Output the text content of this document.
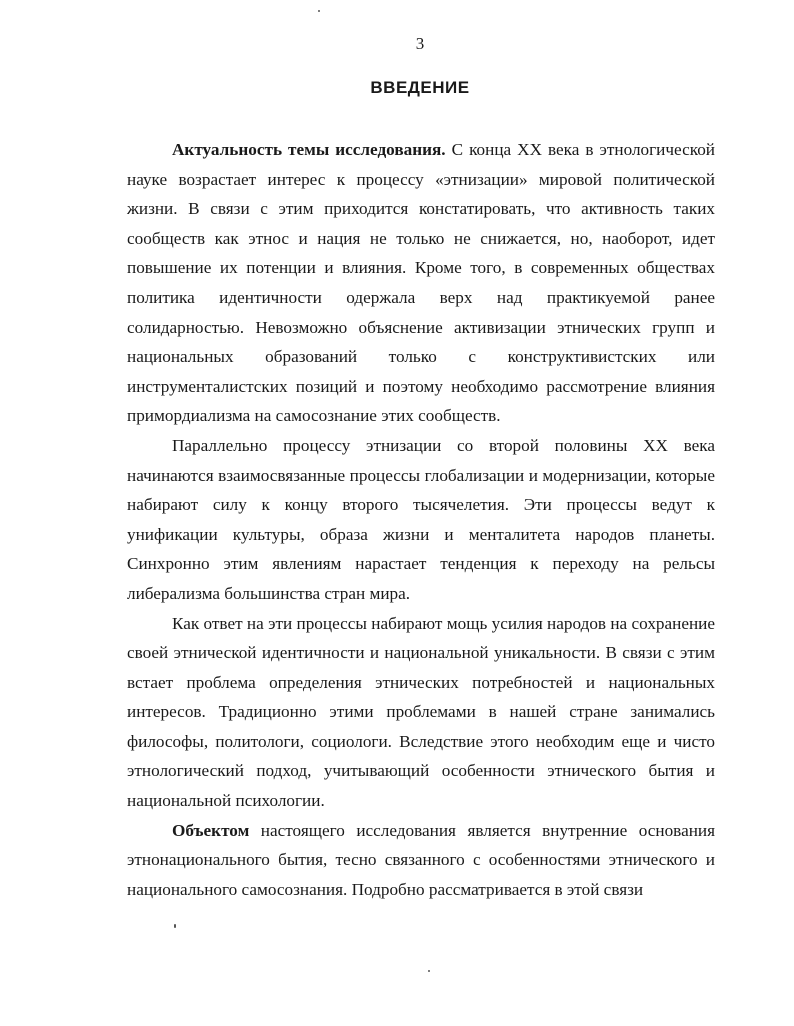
3
ВВЕДЕНИЕ

Актуальность темы исследования. С конца XX века в этнологической науке возрастает интерес к процессу «этнизации» мировой политической жизни. В связи с этим приходится констатировать, что активность таких сообществ как этнос и нация не только не снижается, но, наоборот, идет повышение их потенции и влияния. Кроме того, в современных обществах политика идентичности одержала верх над практикуемой ранее солидарностью. Невозможно объяснение активизации этнических групп и национальных образований только с конструктивистских или инструменталистских позиций и поэтому необходимо рассмотрение влияния примордиализма на самосознание этих сообществ.

Параллельно процессу этнизации со второй половины XX века начинаются взаимосвязанные процессы глобализации и модернизации, которые набирают силу к концу второго тысячелетия. Эти процессы ведут к унификации культуры, образа жизни и менталитета народов планеты. Синхронно этим явлениям нарастает тенденция к переходу на рельсы либерализма большинства стран мира.

Как ответ на эти процессы набирают мощь усилия народов на сохранение своей этнической идентичности и национальной уникальности. В связи с этим встает проблема определения этнических потребностей и национальных интересов. Традиционно этими проблемами в нашей стране занимались философы, политологи, социологи. Вследствие этого необходим еще и чисто этнологический подход, учитывающий особенности этнического бытия и национальной психологии.

Объектом настоящего исследования является внутренние основания этнонационального бытия, тесно связанного с особенностями этнического и национального самосознания. Подробно рассматривается в этой связи
